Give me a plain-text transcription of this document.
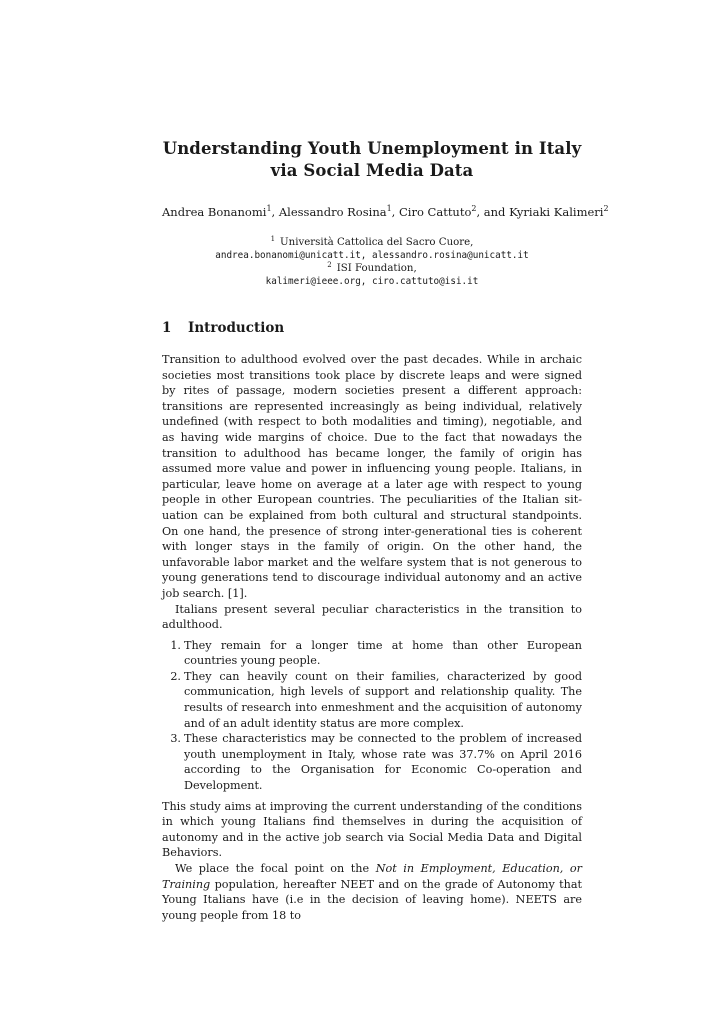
Understanding Youth Unemployment in Italy
via Social Media Data
Andrea Bonanomi$^1$, Alessandro Rosina$^1$, Ciro Cattuto$^2$, and Kyriaki Kalimeri$^2$
$^1$ Università Cattolica del Sacro Cuore,
andrea.bonanomi@unicatt.it, alessandro.rosina@unicatt.it
$^2$ ISI Foundation,
kalimeri@ieee.org, ciro.cattuto@isi.it
1 Introduction

Transition to adulthood evolved over the past decades. While in archaic societies most transitions took place by discrete leaps and were signed by rites of passage, modern societies present a different approach: transitions are represented increasingly as being individual, relatively undefined (with respect to both modalities and timing), negotiable, and as having wide margins of choice. Due to the fact that nowadays the transition to adulthood has became longer, the family of origin has assumed more value and power in influencing young people. Italians, in particular, leave home on average at a later age with respect to young people in other European countries. The peculiarities of the Italian situation can be explained from both cultural and structural standpoints. On one hand, the presence of strong inter-generational ties is coherent with longer stays in the family of origin. On the other hand, the unfavorable labor market and the welfare system that is not generous to young generations tend to discourage individual autonomy and an active job search. [1].

Italians present several peculiar characteristics in the transition to adulthood.

1. They remain for a longer time at home than other European countries young people.
2. They can heavily count on their families, characterized by good communication, high levels of support and relationship quality. The results of research into enmeshment and the acquisition of autonomy and of an adult identity status are more complex.
3. These characteristics may be connected to the problem of increased youth unemployment in Italy, whose rate was 37.7% on April 2016 according to the Organisation for Economic Co-operation and Development.

This study aims at improving the current understanding of the conditions in which young Italians find themselves in during the acquisition of autonomy and in the active job search via Social Media Data and Digital Behaviors.

We place the focal point on the Not in Employment, Education, or Training population, hereafter NEET and on the grade of Autonomy that Young Italians have (i.e in the decision of leaving home). NEETS are young people from 18 to
